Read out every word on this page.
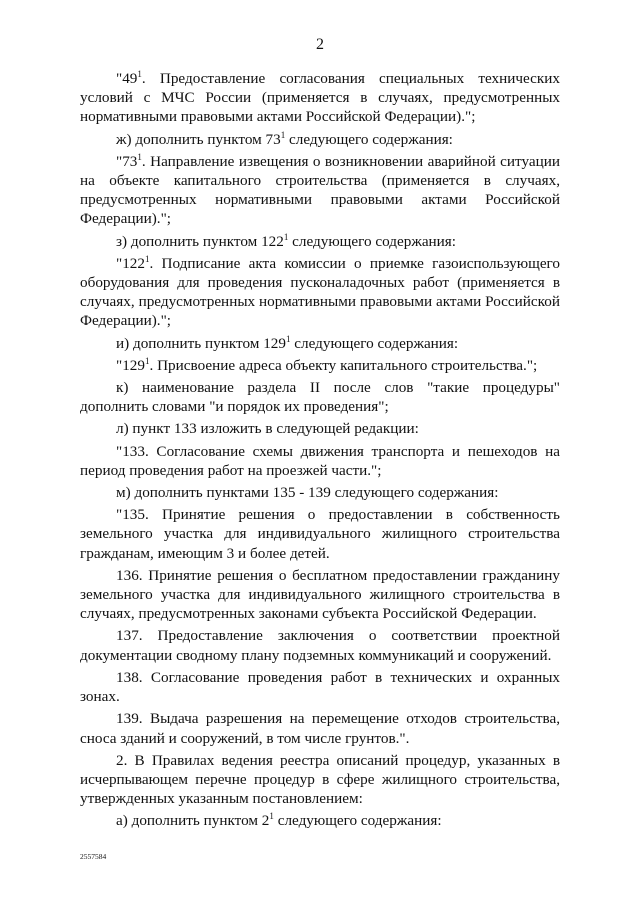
2

"$49^1$. Предоставление согласования специальных технических условий с МЧС России (применяется в случаях, предусмотренных нормативными правовыми актами Российской Федерации).";

ж) дополнить пунктом $73^1$ следующего содержания:

"$73^1$. Направление извещения о возникновении аварийной ситуации на объекте капитального строительства (применяется в случаях, предусмотренных нормативными правовыми актами Российской Федерации).";

з) дополнить пунктом $122^1$ следующего содержания:

"$122^1$. Подписание акта комиссии о приемке газоиспользующего оборудования для проведения пусконаладочных работ (применяется в случаях, предусмотренных нормативными правовыми актами Российской Федерации).";

и) дополнить пунктом $129^1$ следующего содержания:

"$129^1$. Присвоение адреса объекту капитального строительства.";

к) наименование раздела II после слов "такие процедуры" дополнить словами "и порядок их проведения";

л) пункт 133 изложить в следующей редакции:

"133. Согласование схемы движения транспорта и пешеходов на период проведения работ на проезжей части.";

м) дополнить пунктами 135 - 139 следующего содержания:

"135. Принятие решения о предоставлении в собственность земельного участка для индивидуального жилищного строительства гражданам, имеющим 3 и более детей.

136. Принятие решения о бесплатном предоставлении гражданину земельного участка для индивидуального жилищного строительства в случаях, предусмотренных законами субъекта Российской Федерации.

137. Предоставление заключения о соответствии проектной документации сводному плану подземных коммуникаций и сооружений.

138. Согласование проведения работ в технических и охранных зонах.

139. Выдача разрешения на перемещение отходов строительства, сноса зданий и сооружений, в том числе грунтов.".

2. В Правилах ведения реестра описаний процедур, указанных в исчерпывающем перечне процедур в сфере жилищного строительства, утвержденных указанным постановлением:

а) дополнить пунктом $2^1$ следующего содержания:

2557584
